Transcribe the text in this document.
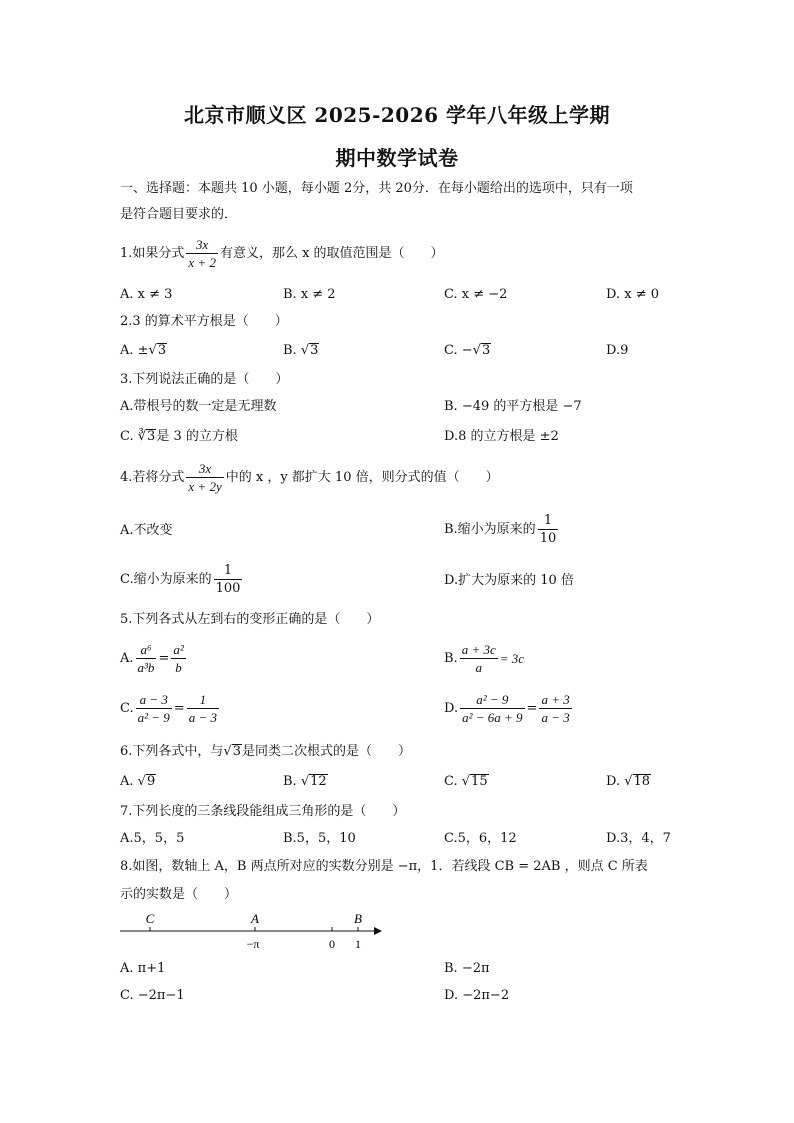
北京市顺义区 2025-2026 学年八年级上学期
期中数学试卷
一、选择题：本题共 10 小题，每小题 2分，共 20分．在每小题给出的选项中，只有一项
是符合题目要求的．
1.如果分式 $\frac{3x}{x + 2}$ 有意义，那么 x 的取值范围是（　　）
A. x ≠ 3	B. x ≠ 2	C. x ≠ −2	D. x ≠ 0
2.3 的算术平方根是（　　）
A. ±√3	B. √3	C. −√3	D.9
3.下列说法正确的是（　　）
A.带根号的数一定是无理数	B. −49 的平方根是 −7
C. ∛3是 3 的立方根	D.8 的立方根是 ±2
4.若将分式 $\frac{3x}{x + 2y}$ 中的 x ，y 都扩大 10 倍，则分式的值（　　）
A.不改变	B.缩小为原来的 $\frac{1}{10}$
C.缩小为原来的 $\frac{1}{100}$	D.扩大为原来的 10 倍
5.下列各式从左到右的变形正确的是（　　）
A. $\frac{\text{a⁶}}{\text{a³b}} = \frac{\text{a²}}{b}$	B. $\frac{a + 3c}{a} = 3c$
C. $\frac{a - 3}{\text{a² − 9}} = \frac{1}{a - 3}$	D. $\frac{\text{a² − 9}}{\text{a² − 6a + 9}} = \frac{a + 3}{a - 3}$
6.下列各式中，与√3是同类二次根式的是（　　）
A. √9	B. √12	C. √15	D. √18
7.下列长度的三条线段能组成三角形的是（　　）
A.5，5，5	B.5，5，10	C.5，6，12	D.3，4，7
8.如图，数轴上 A，B 两点所对应的实数分别是 −π，1．若线段 CB = 2AB ，则点 C 所表
示的实数是（　　）
C	A	B
−π	0 1
A. π+1	B. −2π
C. −2π−1	D. −2π−2
